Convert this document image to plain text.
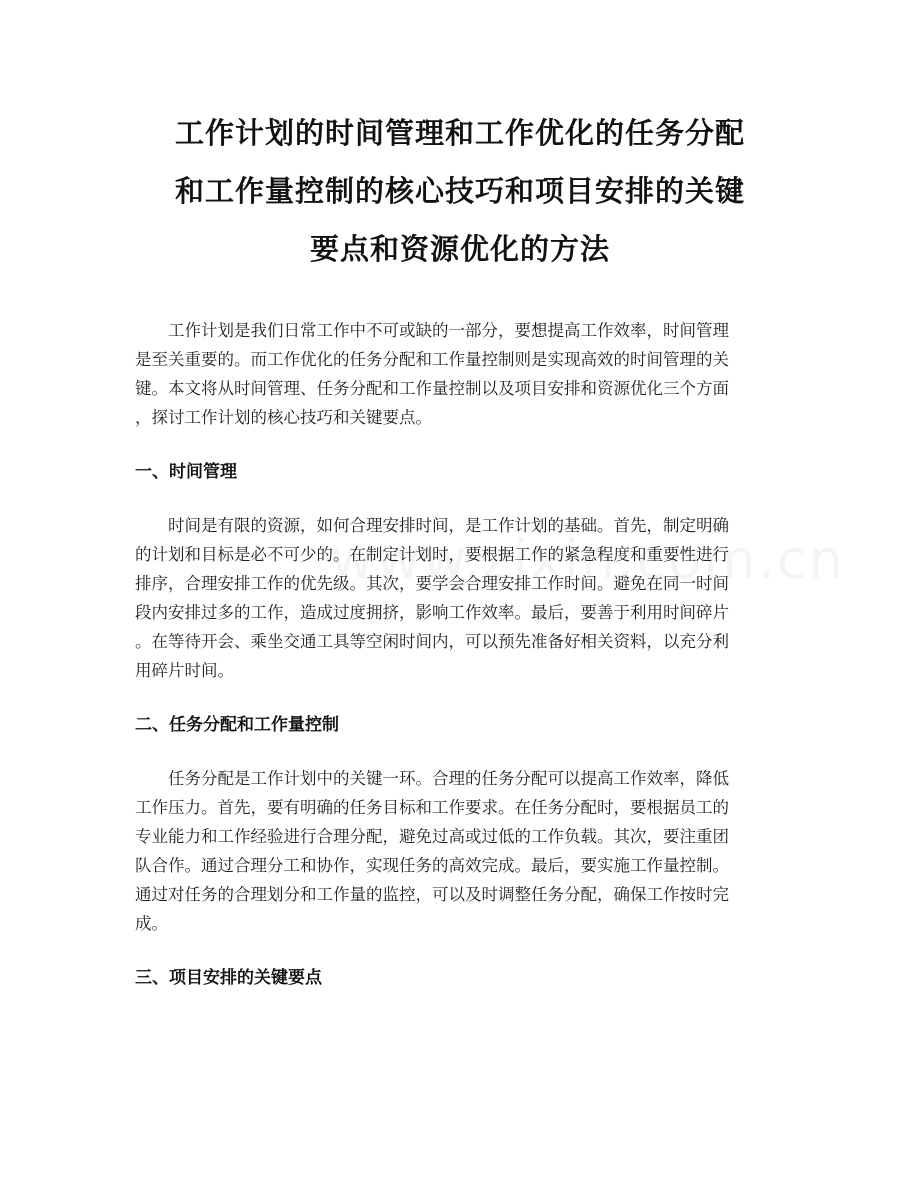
工作计划的时间管理和工作优化的任务分配
和工作量控制的核心技巧和项目安排的关键
要点和资源优化的方法

工作计划是我们日常工作中不可或缺的一部分，要想提高工作效率，时间管理
是至关重要的。而工作优化的任务分配和工作量控制则是实现高效的时间管理的关
键。本文将从时间管理、任务分配和工作量控制以及项目安排和资源优化三个方面
，探讨工作计划的核心技巧和关键要点。

一、时间管理

时间是有限的资源，如何合理安排时间，是工作计划的基础。首先，制定明确
的计划和目标是必不可少的。在制定计划时，要根据工作的紧急程度和重要性进行
排序，合理安排工作的优先级。其次，要学会合理安排工作时间。避免在同一时间
段内安排过多的工作，造成过度拥挤，影响工作效率。最后，要善于利用时间碎片
。在等待开会、乘坐交通工具等空闲时间内，可以预先准备好相关资料，以充分利
用碎片时间。

二、任务分配和工作量控制

任务分配是工作计划中的关键一环。合理的任务分配可以提高工作效率，降低
工作压力。首先，要有明确的任务目标和工作要求。在任务分配时，要根据员工的
专业能力和工作经验进行合理分配，避免过高或过低的工作负载。其次，要注重团
队合作。通过合理分工和协作，实现任务的高效完成。最后，要实施工作量控制。
通过对任务的合理划分和工作量的监控，可以及时调整任务分配，确保工作按时完
成。

三、项目安排的关键要点
